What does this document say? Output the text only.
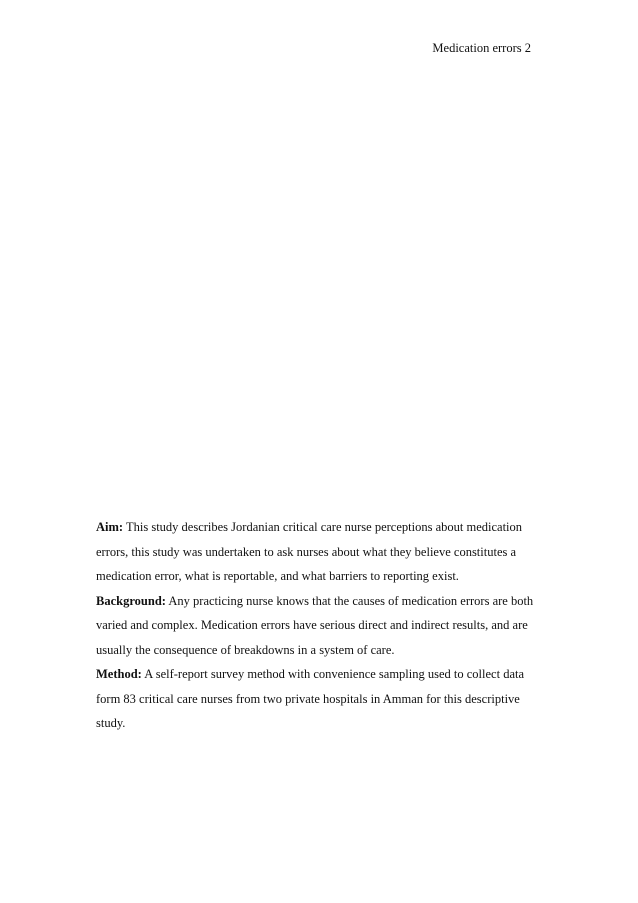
Medication errors 2

Aim: This study describes Jordanian critical care nurse perceptions about medication errors, this study was undertaken to ask nurses about what they believe constitutes a medication error, what is reportable, and what barriers to reporting exist.

Background: Any practicing nurse knows that the causes of medication errors are both varied and complex. Medication errors have serious direct and indirect results, and are usually the consequence of breakdowns in a system of care.

Method: A self-report survey method with convenience sampling used to collect data form 83 critical care nurses from two private hospitals in Amman for this descriptive study.
